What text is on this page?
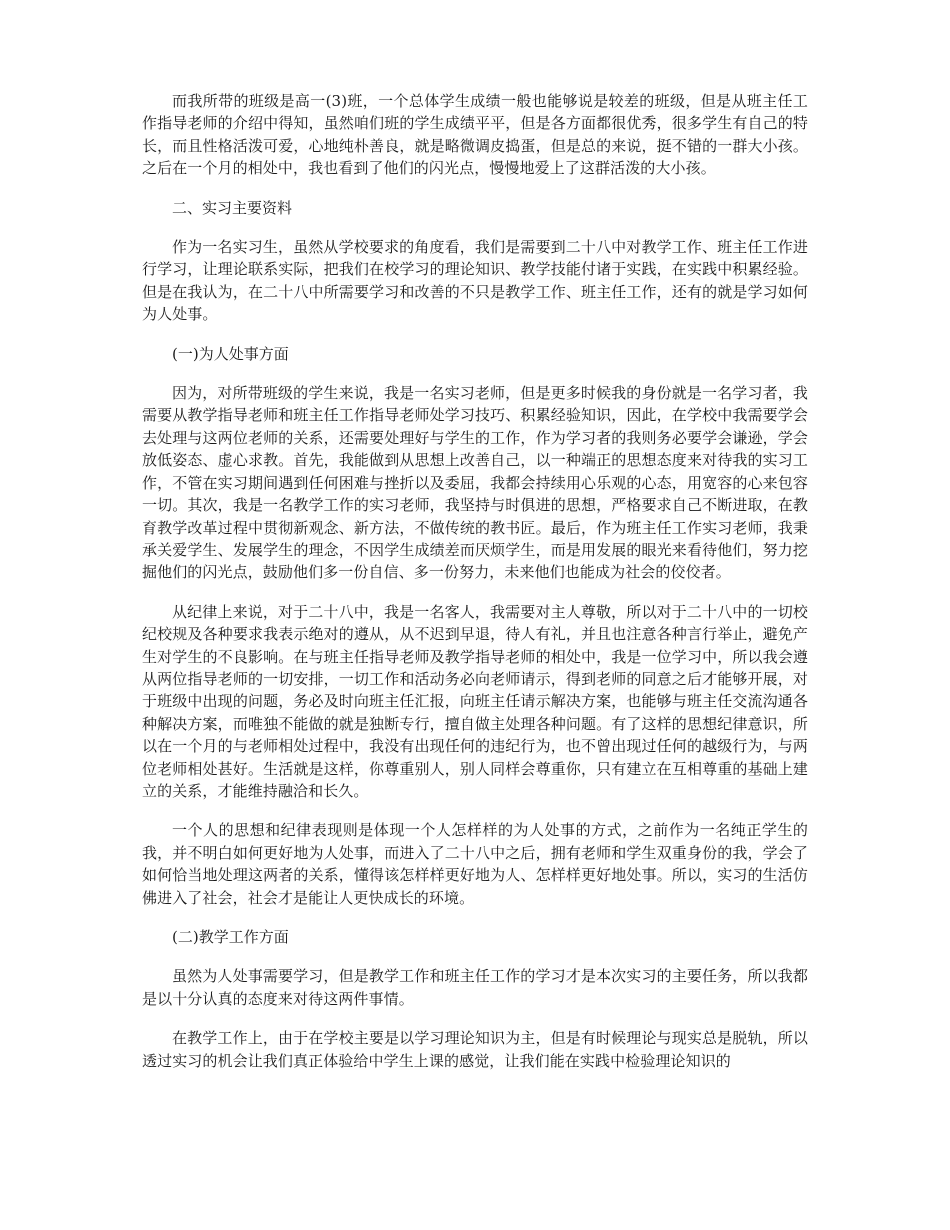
而我所带的班级是高一(3)班，一个总体学生成绩一般也能够说是较差的班级，但是从班主任工作指导老师的介绍中得知，虽然咱们班的学生成绩平平，但是各方面都很优秀，很多学生有自己的特长，而且性格活泼可爱，心地纯朴善良，就是略微调皮捣蛋，但是总的来说，挺不错的一群大小孩。之后在一个月的相处中，我也看到了他们的闪光点，慢慢地爱上了这群活泼的大小孩。

二、实习主要资料

作为一名实习生，虽然从学校要求的角度看，我们是需要到二十八中对教学工作、班主任工作进行学习，让理论联系实际，把我们在校学习的理论知识、教学技能付诸于实践，在实践中积累经验。但是在我认为，在二十八中所需要学习和改善的不只是教学工作、班主任工作，还有的就是学习如何为人处事。

(一)为人处事方面

因为，对所带班级的学生来说，我是一名实习老师，但是更多时候我的身份就是一名学习者，我需要从教学指导老师和班主任工作指导老师处学习技巧、积累经验知识，因此，在学校中我需要学会去处理与这两位老师的关系，还需要处理好与学生的工作，作为学习者的我则务必要学会谦逊，学会放低姿态、虚心求教。首先，我能做到从思想上改善自己，以一种端正的思想态度来对待我的实习工作，不管在实习期间遇到任何困难与挫折以及委屈，我都会持续用心乐观的心态，用宽容的心来包容一切。其次，我是一名教学工作的实习老师，我坚持与时俱进的思想，严格要求自己不断进取，在教育教学改革过程中贯彻新观念、新方法，不做传统的教书匠。最后，作为班主任工作实习老师，我秉承关爱学生、发展学生的理念，不因学生成绩差而厌烦学生，而是用发展的眼光来看待他们，努力挖掘他们的闪光点，鼓励他们多一份自信、多一份努力，未来他们也能成为社会的佼佼者。

从纪律上来说，对于二十八中，我是一名客人，我需要对主人尊敬，所以对于二十八中的一切校纪校规及各种要求我表示绝对的遵从，从不迟到早退，待人有礼，并且也注意各种言行举止，避免产生对学生的不良影响。在与班主任指导老师及教学指导老师的相处中，我是一位学习中，所以我会遵从两位指导老师的一切安排，一切工作和活动务必向老师请示，得到老师的同意之后才能够开展，对于班级中出现的问题，务必及时向班主任汇报，向班主任请示解决方案，也能够与班主任交流沟通各种解决方案，而唯独不能做的就是独断专行，擅自做主处理各种问题。有了这样的思想纪律意识，所以在一个月的与老师相处过程中，我没有出现任何的违纪行为，也不曾出现过任何的越级行为，与两位老师相处甚好。生活就是这样，你尊重别人，别人同样会尊重你，只有建立在互相尊重的基础上建立的关系，才能维持融洽和长久。

一个人的思想和纪律表现则是体现一个人怎样样的为人处事的方式，之前作为一名纯正学生的我，并不明白如何更好地为人处事，而进入了二十八中之后，拥有老师和学生双重身份的我，学会了如何恰当地处理这两者的关系，懂得该怎样样更好地为人、怎样样更好地处事。所以，实习的生活仿佛进入了社会，社会才是能让人更快成长的环境。

(二)教学工作方面

虽然为人处事需要学习，但是教学工作和班主任工作的学习才是本次实习的主要任务，所以我都是以十分认真的态度来对待这两件事情。

在教学工作上，由于在学校主要是以学习理论知识为主，但是有时候理论与现实总是脱轨，所以透过实习的机会让我们真正体验给中学生上课的感觉，让我们能在实践中检验理论知识的
